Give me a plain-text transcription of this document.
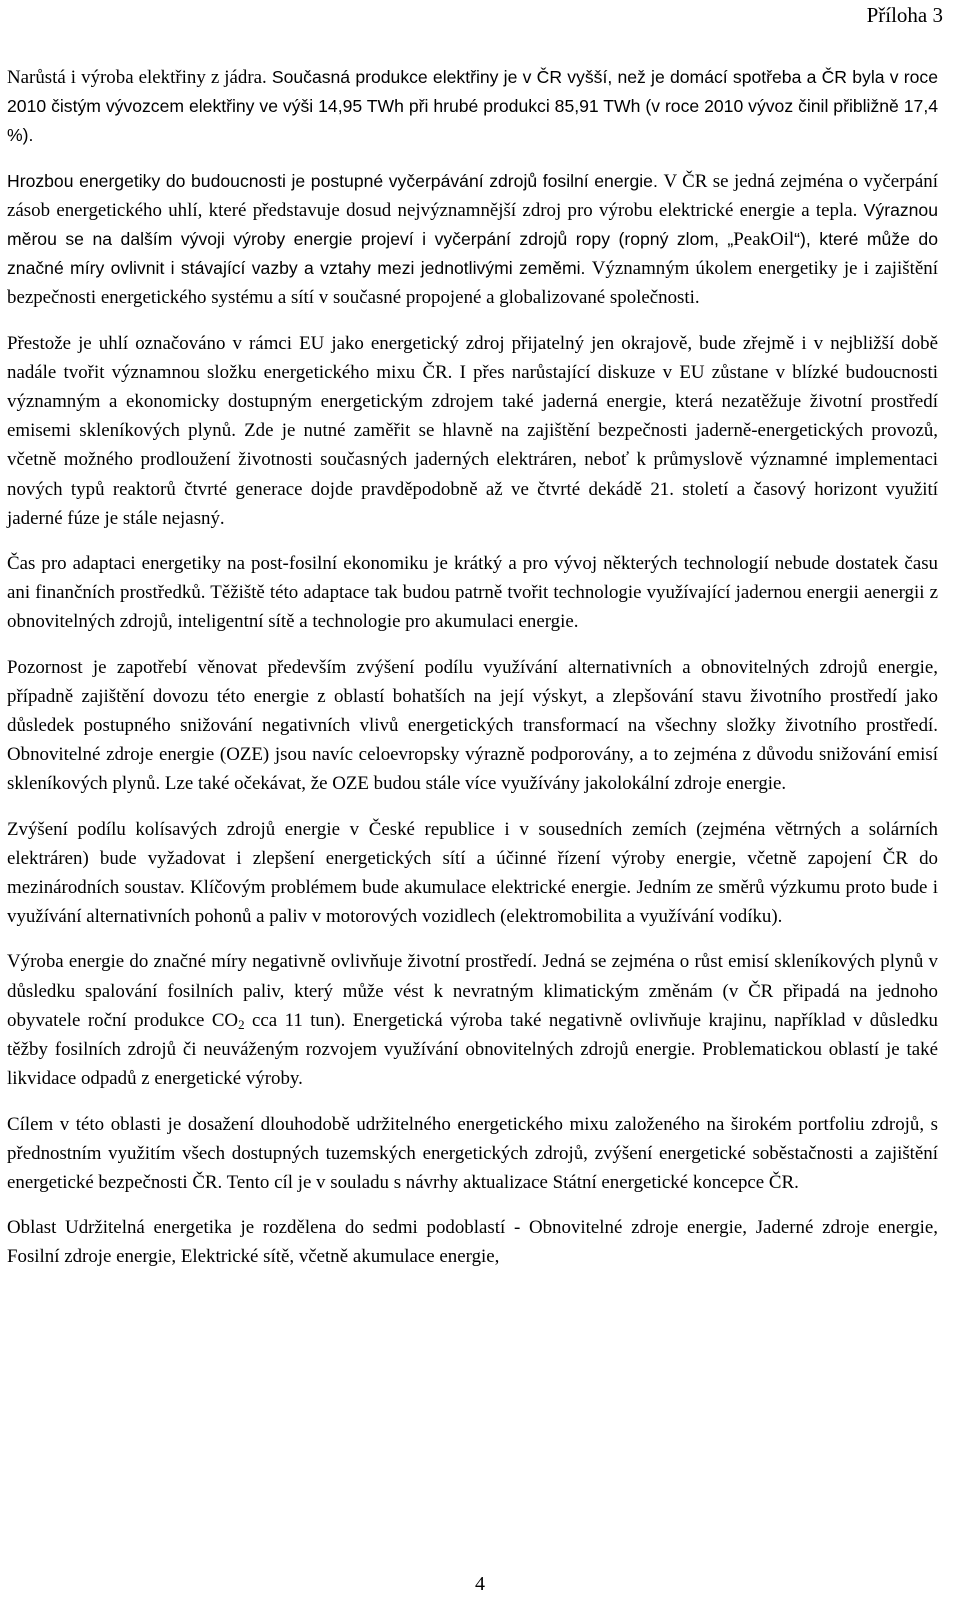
Příloha 3

Narůstá i výroba elektřiny z jádra. Současná produkce elektřiny je v ČR vyšší, než je domácí spotřeba a ČR byla v roce 2010 čistým vývozcem elektřiny ve výši 14,95 TWh při hrubé produkci 85,91 TWh (v roce 2010 vývoz činil přibližně 17,4 %).

Hrozbou energetiky do budoucnosti je postupné vyčerpávání zdrojů fosilní energie. V ČR se jedná zejména o vyčerpání zásob energetického uhlí, které představuje dosud nejvýznamnější zdroj pro výrobu elektrické energie a tepla. Výraznou měrou se na dalším vývoji výroby energie projeví i vyčerpání zdrojů ropy (ropný zlom, „PeakOil“), které může do značné míry ovlivnit i stávající vazby a vztahy mezi jednotlivými zeměmi. Významným úkolem energetiky je i zajištění bezpečnosti energetického systému a sítí v současné propojené a globalizované společnosti.

Přestože je uhlí označováno v rámci EU jako energetický zdroj přijatelný jen okrajově, bude zřejmě i v nejbližší době nadále tvořit významnou složku energetického mixu ČR. I přes narůstající diskuze v EU zůstane v blízké budoucnosti významným a ekonomicky dostupným energetickým zdrojem také jaderná energie, která nezatěžuje životní prostředí emisemi skleníkových plynů. Zde je nutné zaměřit se hlavně na zajištění bezpečnosti jaderně-energetických provozů, včetně možného prodloužení životnosti současných jaderných elektráren, neboť k průmyslově významné implementaci nových typů reaktorů čtvrté generace dojde pravděpodobně až ve čtvrté dekádě 21. století a časový horizont využití jaderné fúze je stále nejasný.

Čas pro adaptaci energetiky na post-fosilní ekonomiku je krátký a pro vývoj některých technologií nebude dostatek času ani finančních prostředků. Těžiště této adaptace tak budou patrně tvořit technologie využívající jadernou energii aenergii z obnovitelných zdrojů, inteligentní sítě a technologie pro akumulaci energie.

Pozornost je zapotřebí věnovat především zvýšení podílu využívání alternativních a obnovitelných zdrojů energie, případně zajištění dovozu této energie z oblastí bohatších na její výskyt, a zlepšování stavu životního prostředí jako důsledek postupného snižování negativních vlivů energetických transformací na všechny složky životního prostředí. Obnovitelné zdroje energie (OZE) jsou navíc celoevropsky výrazně podporovány, a to zejména z důvodu snižování emisí skleníkových plynů. Lze také očekávat, že OZE budou stále více využívány jakolokální zdroje energie.

Zvýšení podílu kolísavých zdrojů energie v České republice i v sousedních zemích (zejména větrných a solárních elektráren) bude vyžadovat i zlepšení energetických sítí a účinné řízení výroby energie, včetně zapojení ČR do mezinárodních soustav. Klíčovým problémem bude akumulace elektrické energie. Jedním ze směrů výzkumu proto bude i využívání alternativních pohonů a paliv v motorových vozidlech (elektromobilita a využívání vodíku).

Výroba energie do značné míry negativně ovlivňuje životní prostředí. Jedná se zejména o růst emisí skleníkových plynů v důsledku spalování fosilních paliv, který může vést k nevratným klimatickým změnám (v ČR připadá na jednoho obyvatele roční produkce $CO_2$ cca 11 tun). Energetická výroba také negativně ovlivňuje krajinu, například v důsledku těžby fosilních zdrojů či neuváženým rozvojem využívání obnovitelných zdrojů energie. Problematickou oblastí je také likvidace odpadů z energetické výroby.

Cílem v této oblasti je dosažení dlouhodobě udržitelného energetického mixu založeného na širokém portfoliu zdrojů, s přednostním využitím všech dostupných tuzemských energetických zdrojů, zvýšení energetické soběstačnosti a zajištění energetické bezpečnosti ČR. Tento cíl je v souladu s návrhy aktualizace Státní energetické koncepce ČR.

Oblast Udržitelná energetika je rozdělena do sedmi podoblastí - Obnovitelné zdroje energie, Jaderné zdroje energie, Fosilní zdroje energie, Elektrické sítě, včetně akumulace energie,

4
